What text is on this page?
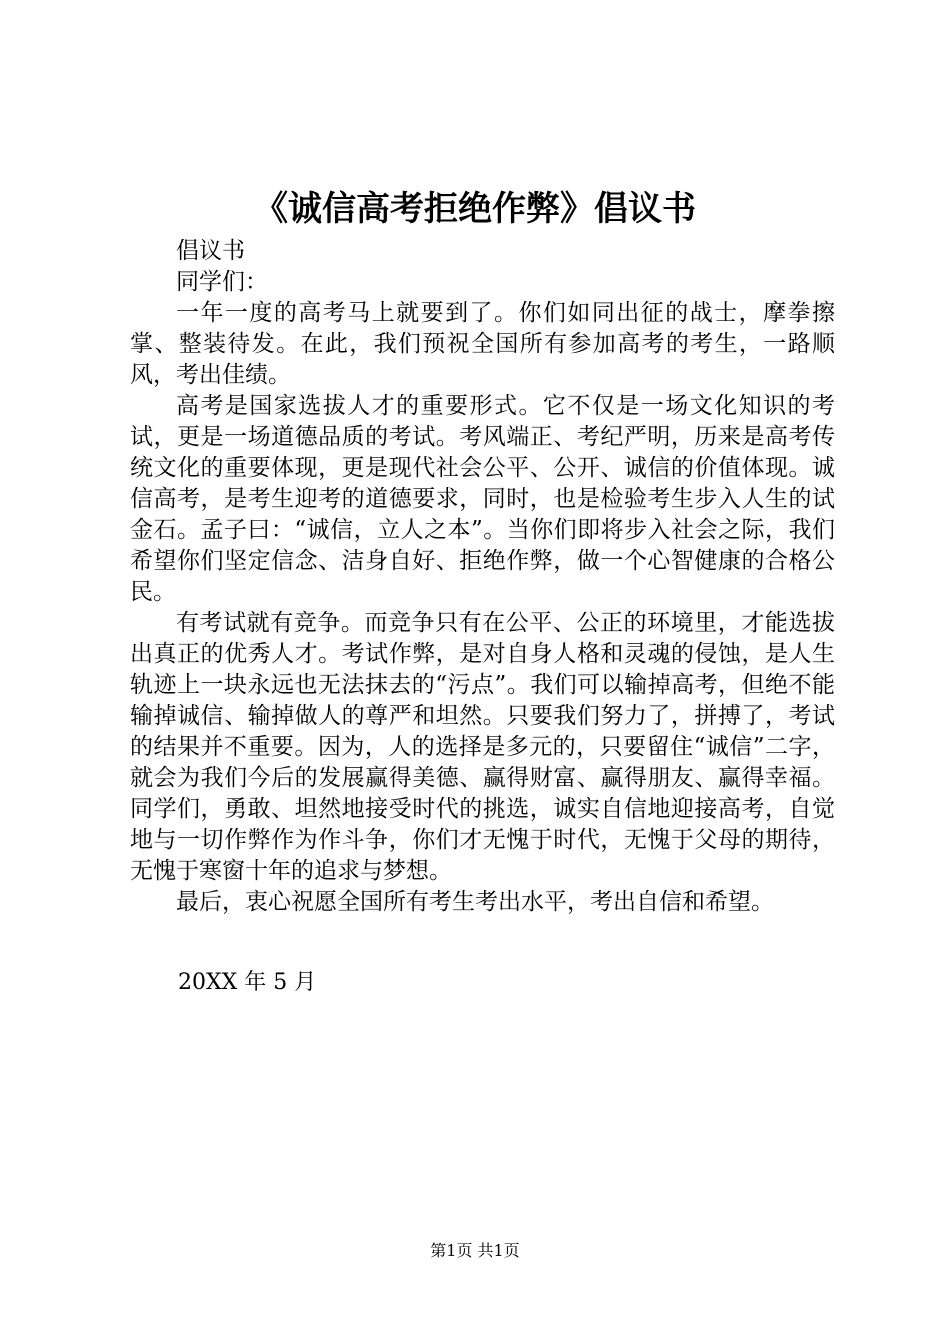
《诚信高考拒绝作弊》倡议书

倡议书

同学们：

一年一度的高考马上就要到了。你们如同出征的战士，摩拳擦掌、整装待发。在此，我们预祝全国所有参加高考的考生，一路顺风，考出佳绩。

高考是国家选拔人才的重要形式。它不仅是一场文化知识的考试，更是一场道德品质的考试。考风端正、考纪严明，历来是高考传统文化的重要体现，更是现代社会公平、公开、诚信的价值体现。诚信高考，是考生迎考的道德要求，同时，也是检验考生步入人生的试金石。孟子曰：“诚信，立人之本”。当你们即将步入社会之际，我们希望你们坚定信念、洁身自好、拒绝作弊，做一个心智健康的合格公民。

有考试就有竞争。而竞争只有在公平、公正的环境里，才能选拔出真正的优秀人才。考试作弊，是对自身人格和灵魂的侵蚀，是人生轨迹上一块永远也无法抹去的“污点”。我们可以输掉高考，但绝不能输掉诚信、输掉做人的尊严和坦然。只要我们努力了，拼搏了，考试的结果并不重要。因为，人的选择是多元的，只要留住“诚信”二字，就会为我们今后的发展赢得美德、赢得财富、赢得朋友、赢得幸福。同学们，勇敢、坦然地接受时代的挑选，诚实自信地迎接高考，自觉地与一切作弊作为作斗争，你们才无愧于时代，无愧于父母的期待，无愧于寒窗十年的追求与梦想。

最后，衷心祝愿全国所有考生考出水平，考出自信和希望。

20XX 年 5 月
第1页 共1页
